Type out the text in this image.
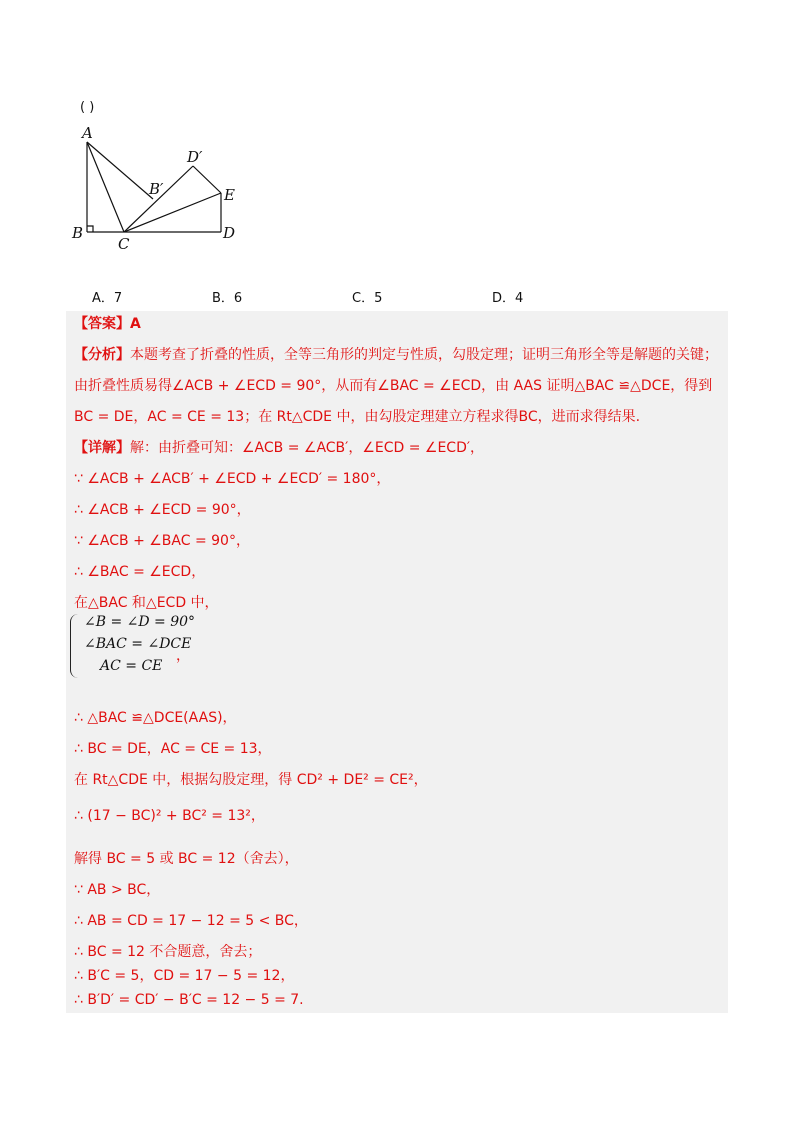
( )
A
B
C
D
E
B′
D′
A．7	B．6	C．5	D．4
【答案】A
【分析】本题考查了折叠的性质，全等三角形的判定与性质，勾股定理；证明三角形全等是解题的关键；
由折叠性质易得∠ACB + ∠ECD = 90°，从而有∠BAC = ∠ECD，由 AAS 证明△BAC ≌△DCE，得到
BC = DE，AC = CE = 13；在 Rt△CDE 中，由勾股定理建立方程求得BC，进而求得结果.
【详解】解：由折叠可知：∠ACB = ∠ACB′，∠ECD = ∠ECD′，
∵ ∠ACB + ∠ACB′ + ∠ECD + ∠ECD′ = 180°，
∴ ∠ACB + ∠ECD = 90°，
∵ ∠ACB + ∠BAC = 90°，
∴ ∠BAC = ∠ECD，
在△BAC 和△ECD 中，
∠B = ∠D = 90°
∠BAC = ∠DCE
AC = CE
，
∴ △BAC ≌△DCE(AAS)，
∴ BC = DE，AC = CE = 13，
在 Rt△CDE 中，根据勾股定理，得 CD² + DE² = CE²，
∴ (17 − BC)² + BC² = 13²，
解得 BC = 5 或 BC = 12（舍去），
∵ AB > BC，
∴ AB = CD = 17 − 12 = 5 < BC，
∴ BC = 12 不合题意，舍去；
∴ B′C = 5，CD = 17 − 5 = 12，
∴ B′D′ = CD′ − B′C = 12 − 5 = 7.
